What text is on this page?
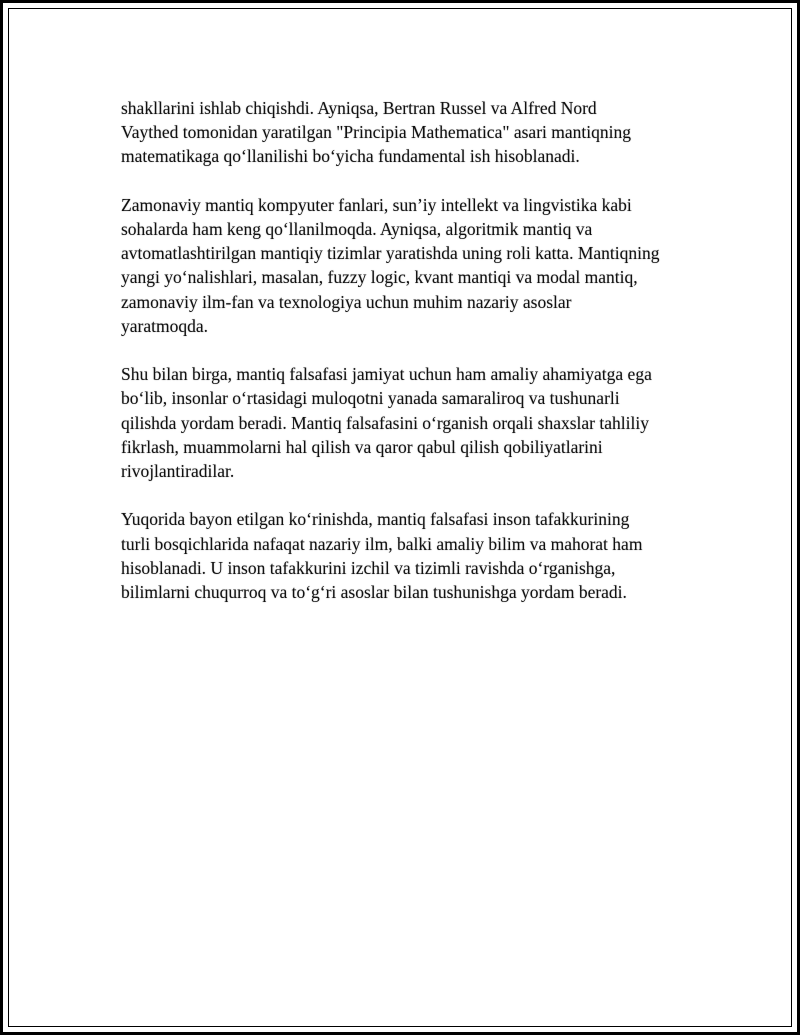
shakllarini ishlab chiqishdi. Ayniqsa, Bertran Russel va Alfred Nord
Vaythed tomonidan yaratilgan "Principia Mathematica" asari mantiqning
matematikaga qoʻllanilishi boʻyicha fundamental ish hisoblanadi.

Zamonaviy mantiq kompyuter fanlari, sun’iy intellekt va lingvistika kabi
sohalarda ham keng qoʻllanilmoqda. Ayniqsa, algoritmik mantiq va
avtomatlashtirilgan mantiqiy tizimlar yaratishda uning roli katta. Mantiqning
yangi yoʻnalishlari, masalan, fuzzy logic, kvant mantiqi va modal mantiq,
zamonaviy ilm-fan va texnologiya uchun muhim nazariy asoslar
yaratmoqda.

Shu bilan birga, mantiq falsafasi jamiyat uchun ham amaliy ahamiyatga ega
boʻlib, insonlar oʻrtasidagi muloqotni yanada samaraliroq va tushunarli
qilishda yordam beradi. Mantiq falsafasini oʻrganish orqali shaxslar tahliliy
fikrlash, muammolarni hal qilish va qaror qabul qilish qobiliyatlarini
rivojlantiradilar.

Yuqorida bayon etilgan koʻrinishda, mantiq falsafasi inson tafakkurining
turli bosqichlarida nafaqat nazariy ilm, balki amaliy bilim va mahorat ham
hisoblanadi. U inson tafakkurini izchil va tizimli ravishda oʻrganishga,
bilimlarni chuqurroq va toʻgʻri asoslar bilan tushunishga yordam beradi.
